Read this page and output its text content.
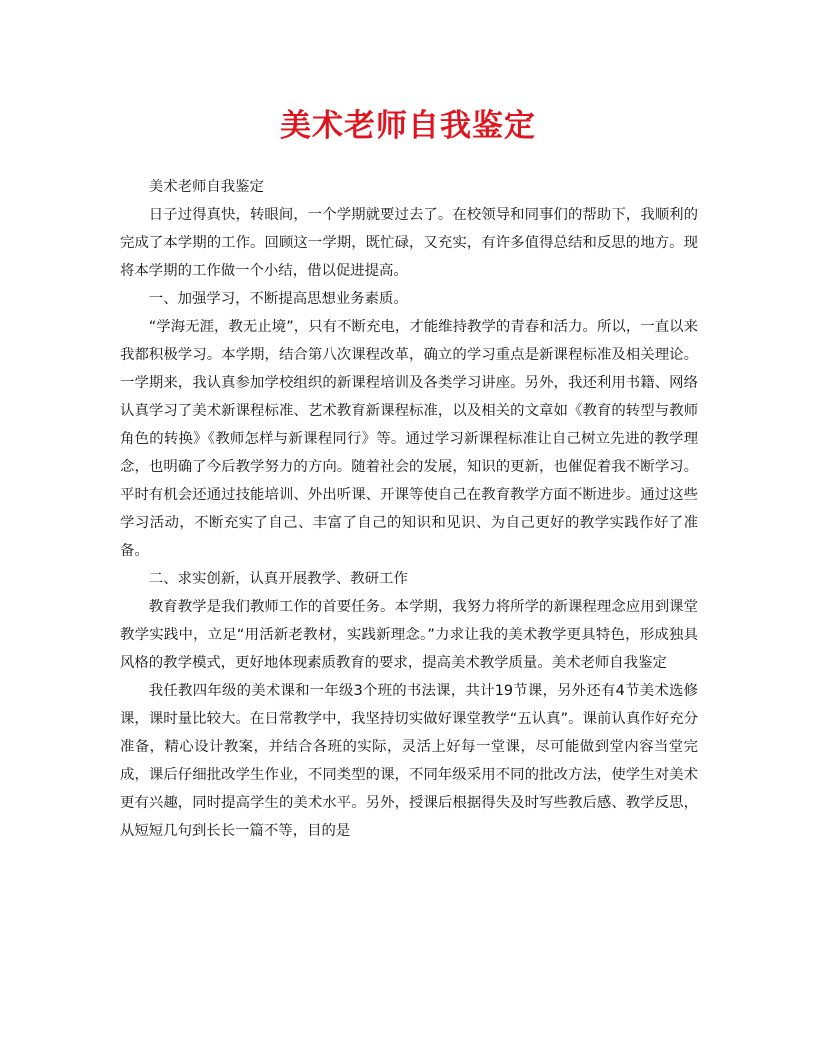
美术老师自我鉴定

美术老师自我鉴定

日子过得真快，转眼间，一个学期就要过去了。在校领导和同事们的帮助下，我顺利的完成了本学期的工作。回顾这一学期，既忙碌，又充实，有许多值得总结和反思的地方。现将本学期的工作做一个小结，借以促进提高。

一、加强学习，不断提高思想业务素质。

“学海无涯，教无止境”，只有不断充电，才能维持教学的青春和活力。所以，一直以来我都积极学习。本学期，结合第八次课程改革，确立的学习重点是新课程标准及相关理论。一学期来，我认真参加学校组织的新课程培训及各类学习讲座。另外，我还利用书籍、网络认真学习了美术新课程标准、艺术教育新课程标准，以及相关的文章如《教育的转型与教师角色的转换》《教师怎样与新课程同行》等。通过学习新课程标准让自己树立先进的教学理念，也明确了今后教学努力的方向。随着社会的发展，知识的更新，也催促着我不断学习。平时有机会还通过技能培训、外出听课、开课等使自己在教育教学方面不断进步。通过这些学习活动，不断充实了自己、丰富了自己的知识和见识、为自己更好的教学实践作好了准备。

二、求实创新，认真开展教学、教研工作

教育教学是我们教师工作的首要任务。本学期，我努力将所学的新课程理念应用到课堂教学实践中，立足“用活新老教材，实践新理念。”力求让我的美术教学更具特色，形成独具风格的教学模式，更好地体现素质教育的要求，提高美术教学质量。美术老师自我鉴定

我任教四年级的美术课和一年级3个班的书法课，共计19节课，另外还有4节美术选修课，课时量比较大。在日常教学中，我坚持切实做好课堂教学“五认真”。课前认真作好充分准备，精心设计教案，并结合各班的实际，灵活上好每一堂课，尽可能做到堂内容当堂完成，课后仔细批改学生作业，不同类型的课，不同年级采用不同的批改方法，使学生对美术更有兴趣，同时提高学生的美术水平。另外，授课后根据得失及时写些教后感、教学反思，从短短几句到长长一篇不等，目的是
